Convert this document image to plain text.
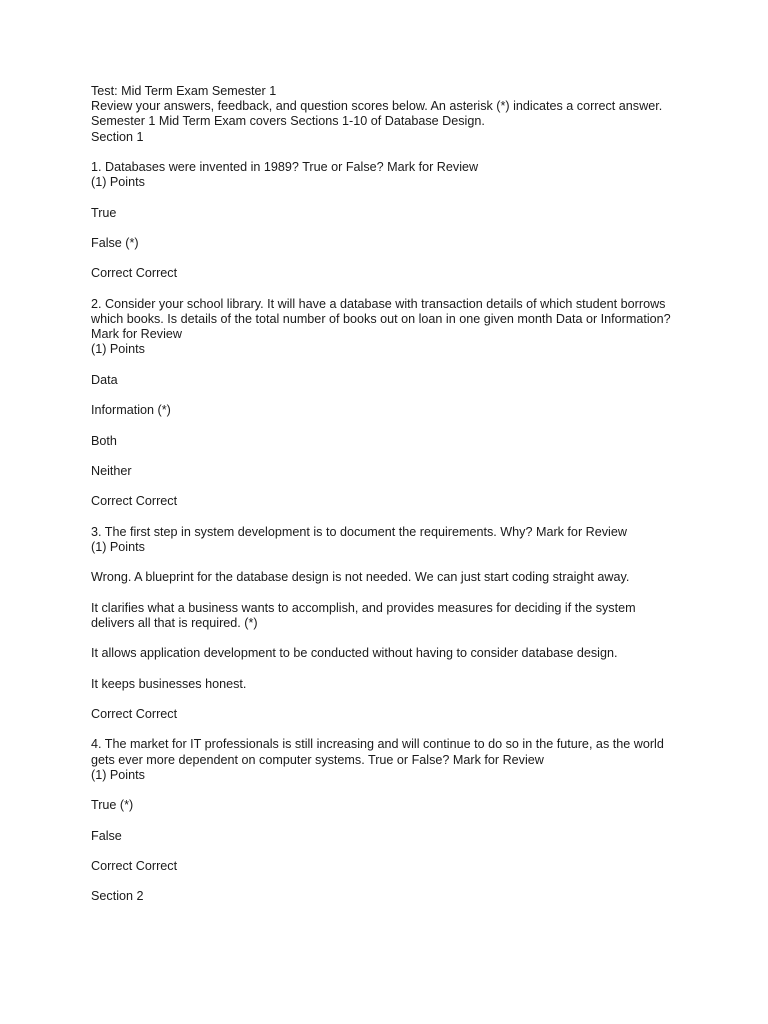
Test: Mid Term Exam Semester 1
Review your answers, feedback, and question scores below. An asterisk (*) indicates a correct answer.
Semester 1 Mid Term Exam covers Sections 1-10 of Database Design.
Section 1
1. Databases were invented in 1989? True or False? Mark for Review
(1) Points
True
False (*)
Correct Correct
2. Consider your school library. It will have a database with transaction details of which student borrows which books. Is details of the total number of books out on loan in one given month Data or Information? Mark for Review
(1) Points
Data
Information (*)
Both
Neither
Correct Correct
3. The first step in system development is to document the requirements. Why? Mark for Review
(1) Points
Wrong. A blueprint for the database design is not needed. We can just start coding straight away.
It clarifies what a business wants to accomplish, and provides measures for deciding if the system delivers all that is required. (*)
It allows application development to be conducted without having to consider database design.
It keeps businesses honest.
Correct Correct
4. The market for IT professionals is still increasing and will continue to do so in the future, as the world gets ever more dependent on computer systems. True or False? Mark for Review
(1) Points
True (*)
False
Correct Correct
Section 2
